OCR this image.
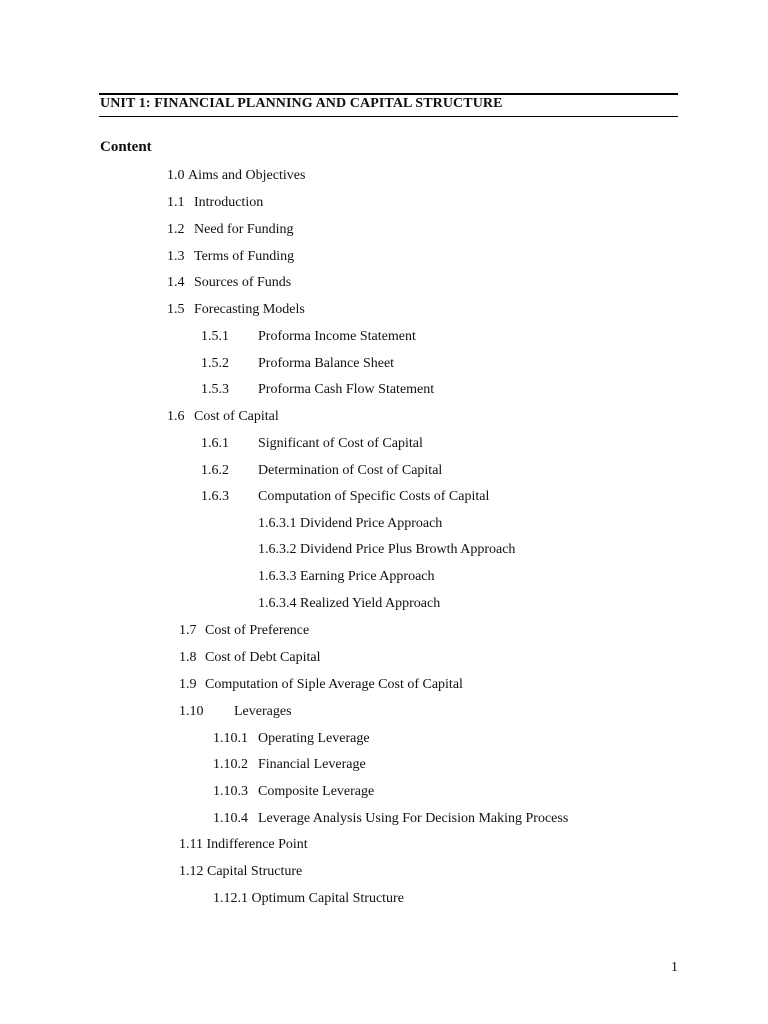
UNIT 1: FINANCIAL PLANNING AND CAPITAL STRUCTURE
Content
1.0 Aims and Objectives
1.1 Introduction
1.2 Need for Funding
1.3 Terms of Funding
1.4 Sources of Funds
1.5 Forecasting Models
1.5.1 Proforma Income Statement
1.5.2 Proforma Balance Sheet
1.5.3 Proforma Cash Flow Statement
1.6 Cost of Capital
1.6.1 Significant of Cost of Capital
1.6.2 Determination of Cost of Capital
1.6.3 Computation of Specific Costs of Capital
1.6.3.1 Dividend Price Approach
1.6.3.2 Dividend Price Plus Browth Approach
1.6.3.3 Earning Price Approach
1.6.3.4 Realized Yield Approach
1.7 Cost of Preference
1.8 Cost of Debt Capital
1.9 Computation of Siple Average Cost of Capital
1.10 Leverages
1.10.1 Operating Leverage
1.10.2 Financial Leverage
1.10.3 Composite Leverage
1.10.4 Leverage Analysis Using For Decision Making Process
1.11 Indifference Point
1.12 Capital Structure
1.12.1 Optimum Capital Structure
1
